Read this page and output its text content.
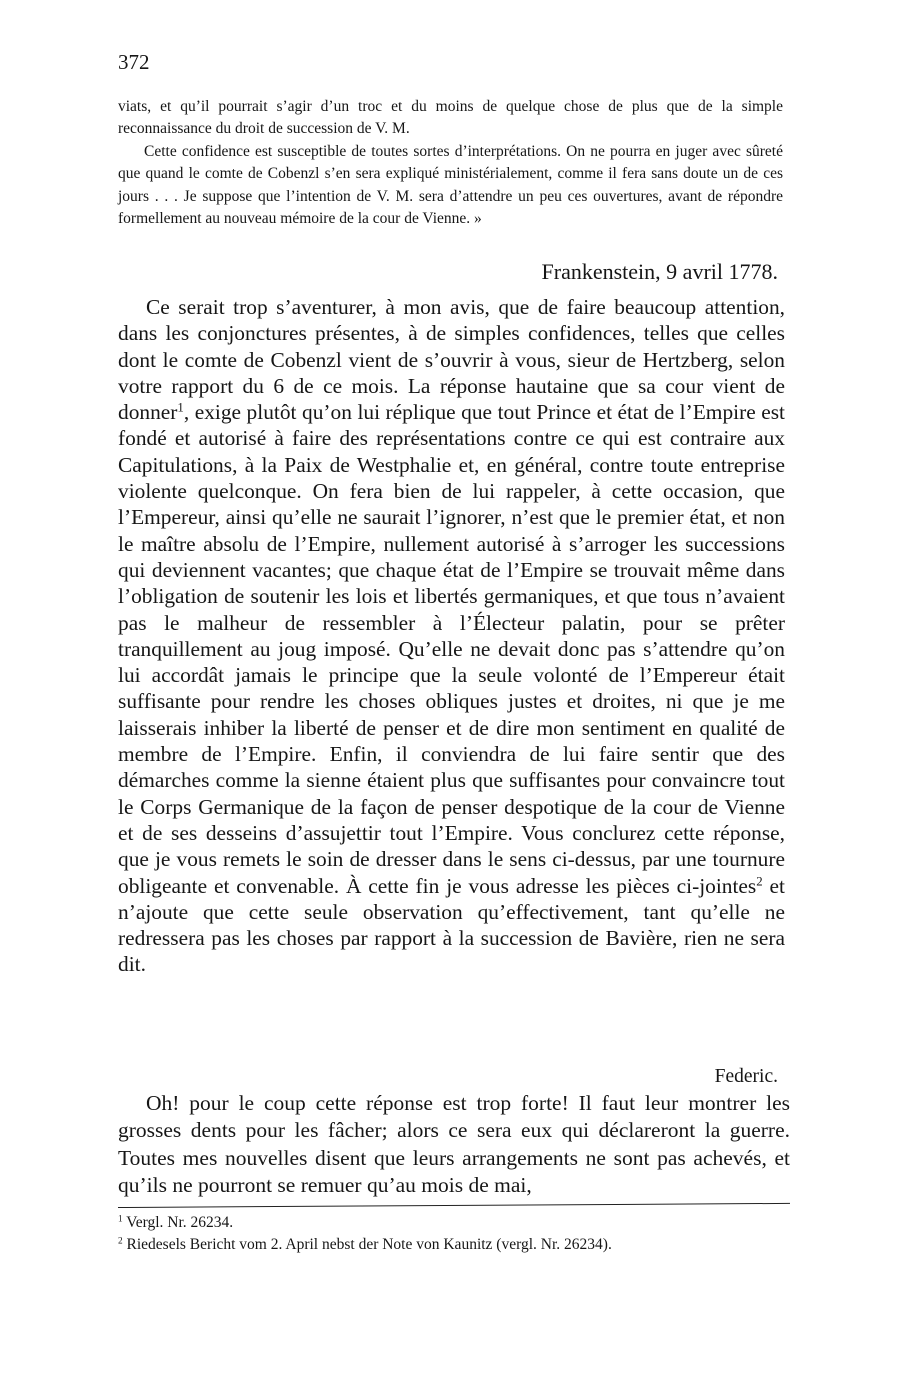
372

viats, et qu’il pourrait s’agir d’un troc et du moins de quelque chose de plus que de la simple reconnaissance du droit de succession de V. M.

Cette confidence est susceptible de toutes sortes d’interprétations. On ne pourra en juger avec sûreté que quand le comte de Cobenzl s’en sera expliqué ministérialement, comme il fera sans doute un de ces jours . . . Je suppose que l’intention de V. M. sera d’attendre un peu ces ouvertures, avant de répondre formellement au nouveau mémoire de la cour de Vienne. »

Frankenstein, 9 avril 1778.

Ce serait trop s’aventurer, à mon avis, que de faire beaucoup attention, dans les conjonctures présentes, à de simples confidences, telles que celles dont le comte de Cobenzl vient de s’ouvrir à vous, sieur de Hertzberg, selon votre rapport du 6 de ce mois. La réponse hautaine que sa cour vient de donner$^1$, exige plutôt qu’on lui réplique que tout Prince et état de l’Empire est fondé et autorisé à faire des représentations contre ce qui est contraire aux Capitulations, à la Paix de Westphalie et, en général, contre toute entreprise violente quelconque. On fera bien de lui rappeler, à cette occasion, que l’Empereur, ainsi qu’elle ne saurait l’ignorer, n’est que le premier état, et non le maître absolu de l’Empire, nullement autorisé à s’arroger les successions qui deviennent vacantes; que chaque état de l’Empire se trouvait même dans l’obligation de soutenir les lois et libertés germaniques, et que tous n’avaient pas le malheur de ressembler à l’Électeur palatin, pour se prêter tranquillement au joug imposé. Qu’elle ne devait donc pas s’attendre qu’on lui accordât jamais le principe que la seule volonté de l’Empereur était suffisante pour rendre les choses obliques justes et droites, ni que je me laisserais inhiber la liberté de penser et de dire mon sentiment en qualité de membre de l’Empire. Enfin, il conviendra de lui faire sentir que des démarches comme la sienne étaient plus que suffisantes pour convaincre tout le Corps Germanique de la façon de penser despotique de la cour de Vienne et de ses desseins d’assujettir tout l’Empire. Vous conclurez cette réponse, que je vous remets le soin de dresser dans le sens ci-dessus, par une tournure obligeante et convenable. À cette fin je vous adresse les pièces ci-jointes$^2$ et n’ajoute que cette seule observation qu’effectivement, tant qu’elle ne redressera pas les choses par rapport à la succession de Bavière, rien ne sera dit.

Federic.

Oh! pour le coup cette réponse est trop forte! Il faut leur montrer les grosses dents pour les fâcher; alors ce sera eux qui déclareront la guerre. Toutes mes nouvelles disent que leurs arrangements ne sont pas achevés, et qu’ils ne pourront se remuer qu’au mois de mai,

$^1$ Vergl. Nr. 26234.
$^2$ Riedesels Bericht vom 2. April nebst der Note von Kaunitz (vergl. Nr. 26234).
